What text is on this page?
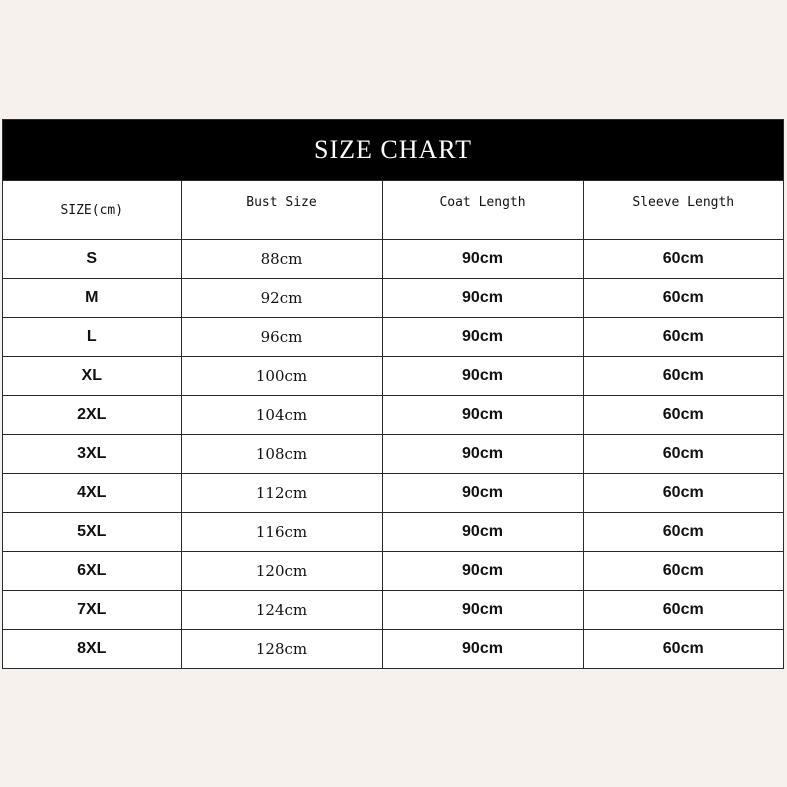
SIZE CHART
SIZE(cm)	Bust Size	Coat Length	Sleeve Length
S	88cm	90cm	60cm
M	92cm	90cm	60cm
L	96cm	90cm	60cm
XL	100cm	90cm	60cm
2XL	104cm	90cm	60cm
3XL	108cm	90cm	60cm
4XL	112cm	90cm	60cm
5XL	116cm	90cm	60cm
6XL	120cm	90cm	60cm
7XL	124cm	90cm	60cm
8XL	128cm	90cm	60cm
